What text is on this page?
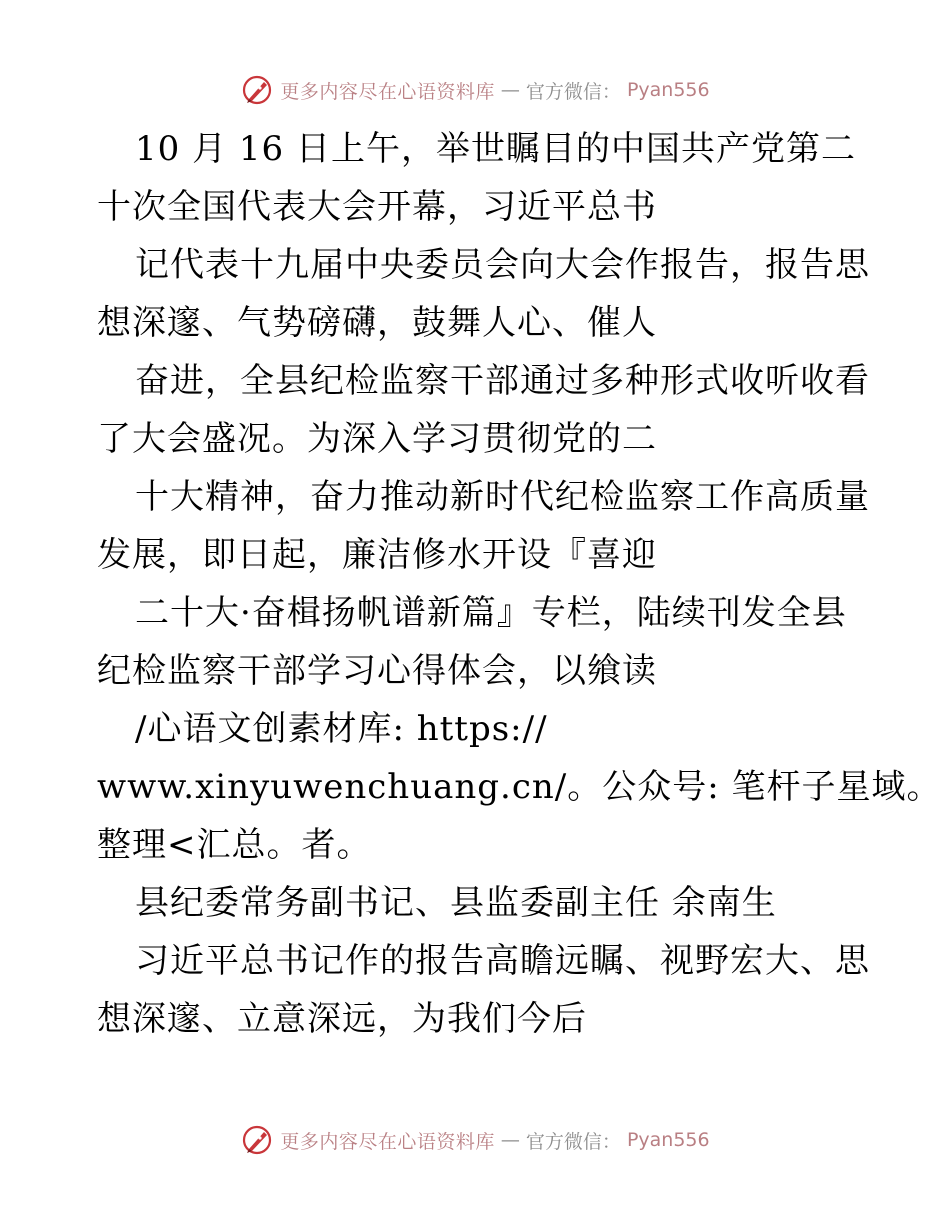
更多内容尽在心语资料库 — 官方微信： Pyan556
10 月 16 日上午，举世瞩目的中国共产党第二
十次全国代表大会开幕，习近平总书
记代表十九届中央委员会向大会作报告，报告思
想深邃、气势磅礴，鼓舞人心、催人
奋进，全县纪检监察干部通过多种形式收听收看
了大会盛况。为深入学习贯彻党的二
十大精神，奋力推动新时代纪检监察工作高质量
发展，即日起，廉洁修水开设『喜迎
二十大·奋楫扬帆谱新篇』专栏，陆续刊发全县
纪检监察干部学习心得体会，以飨读
/心语文创素材库: https://
www.xinyuwenchuang.cn/。公众号: 笔杆子星域。
整理<汇总。者。
县纪委常务副书记、县监委副主任 余南生
习近平总书记作的报告高瞻远瞩、视野宏大、思
想深邃、立意深远，为我们今后
更多内容尽在心语资料库 — 官方微信： Pyan556
